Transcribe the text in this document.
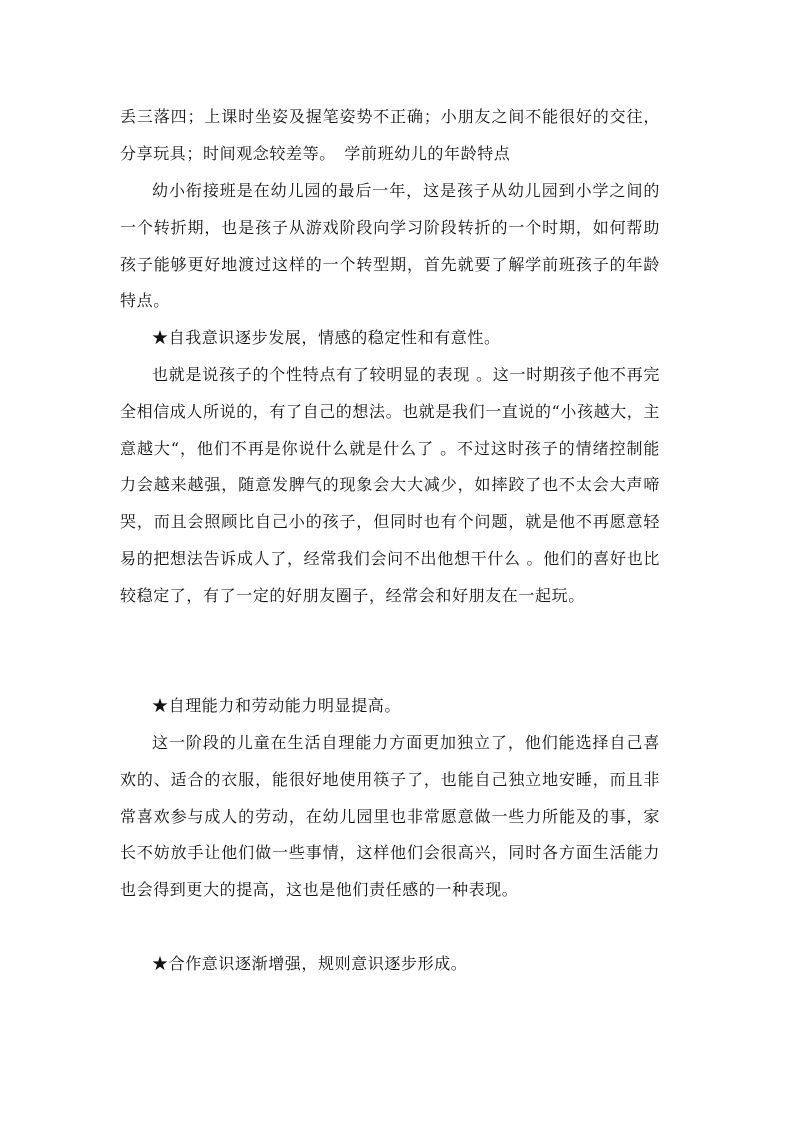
丢三落四；上课时坐姿及握笔姿势不正确；小朋友之间不能很好的交往，分享玩具；时间观念较差等。　学前班幼儿的年龄特点

幼小衔接班是在幼儿园的最后一年，这是孩子从幼儿园到小学之间的一个转折期，也是孩子从游戏阶段向学习阶段转折的一个时期，如何帮助孩子能够更好地渡过这样的一个转型期，首先就要了解学前班孩子的年龄特点。

★自我意识逐步发展，情感的稳定性和有意性。

也就是说孩子的个性特点有了较明显的表现 。这一时期孩子他不再完全相信成人所说的，有了自己的想法。也就是我们一直说的“小孩越大，主意越大“，他们不再是你说什么就是什么了 。不过这时孩子的情绪控制能力会越来越强，随意发脾气的现象会大大减少，如摔跤了也不太会大声啼哭，而且会照顾比自己小的孩子，但同时也有个问题，就是他不再愿意轻易的把想法告诉成人了，经常我们会问不出他想干什么 。他们的喜好也比较稳定了，有了一定的好朋友圈子，经常会和好朋友在一起玩。

★自理能力和劳动能力明显提高。

这一阶段的儿童在生活自理能力方面更加独立了，他们能选择自己喜欢的、适合的衣服，能很好地使用筷子了，也能自己独立地安睡，而且非常喜欢参与成人的劳动，在幼儿园里也非常愿意做一些力所能及的事，家长不妨放手让他们做一些事情，这样他们会很高兴，同时各方面生活能力也会得到更大的提高，这也是他们责任感的一种表现。

★合作意识逐渐增强，规则意识逐步形成。
